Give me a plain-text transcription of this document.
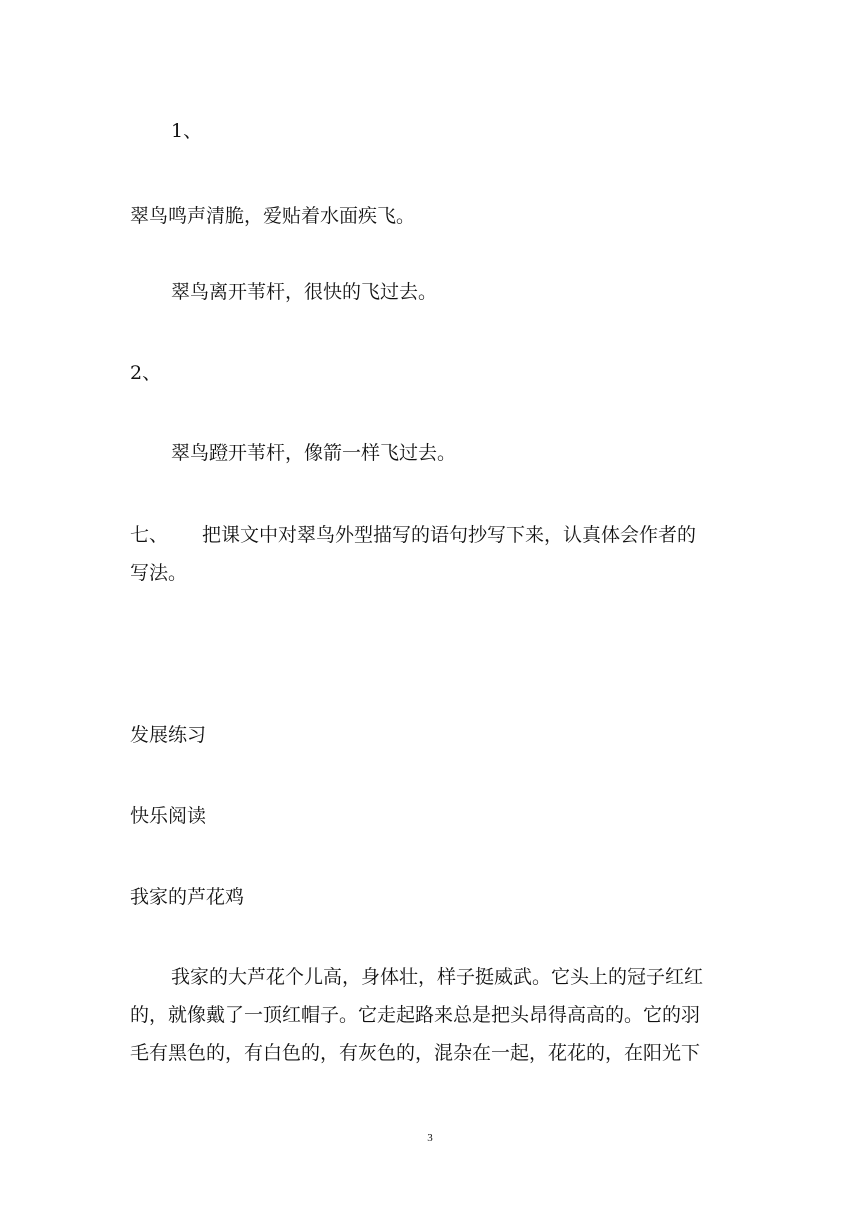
1、
翠鸟鸣声清脆，爱贴着水面疾飞。
翠鸟离开苇杆，很快的飞过去。
2、
翠鸟蹬开苇杆，像箭一样飞过去。
七、 把课文中对翠鸟外型描写的语句抄写下来，认真体会作者的
写法。
发展练习
快乐阅读
我家的芦花鸡
我家的大芦花个儿高，身体壮，样子挺威武。它头上的冠子红红
的，就像戴了一顶红帽子。它走起路来总是把头昂得高高的。它的羽
毛有黑色的，有白色的，有灰色的，混杂在一起，花花的，在阳光下
3
